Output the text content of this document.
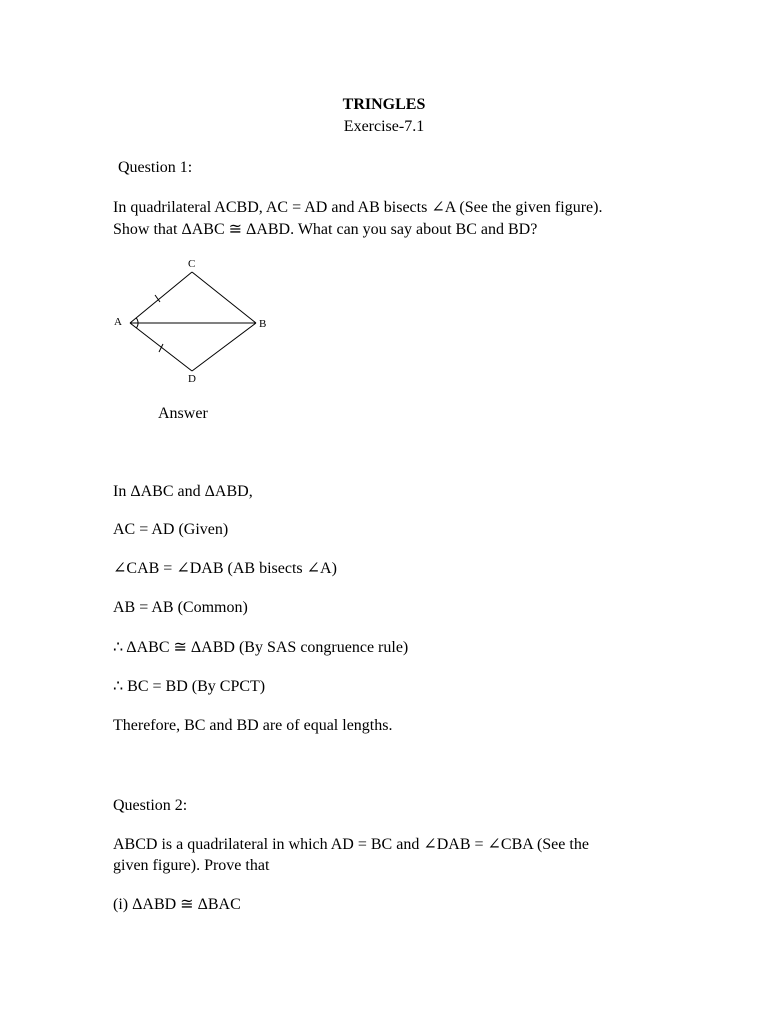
TRINGLES
Exercise-7.1
Question 1:
In quadrilateral ACBD, AC = AD and AB bisects ∠A (See the given figure).
Show that ΔABC ≅ ΔABD. What can you say about BC and BD?
C
A	B
D
Answer
In ΔABC and ΔABD,
AC = AD (Given)
∠CAB = ∠DAB (AB bisects ∠A)
AB = AB (Common)
∴ ΔABC ≅ ΔABD (By SAS congruence rule)
∴ BC = BD (By CPCT)
Therefore, BC and BD are of equal lengths.
Question 2:
ABCD is a quadrilateral in which AD = BC and ∠DAB = ∠CBA (See the
given figure). Prove that
(i) ΔABD ≅ ΔBAC
